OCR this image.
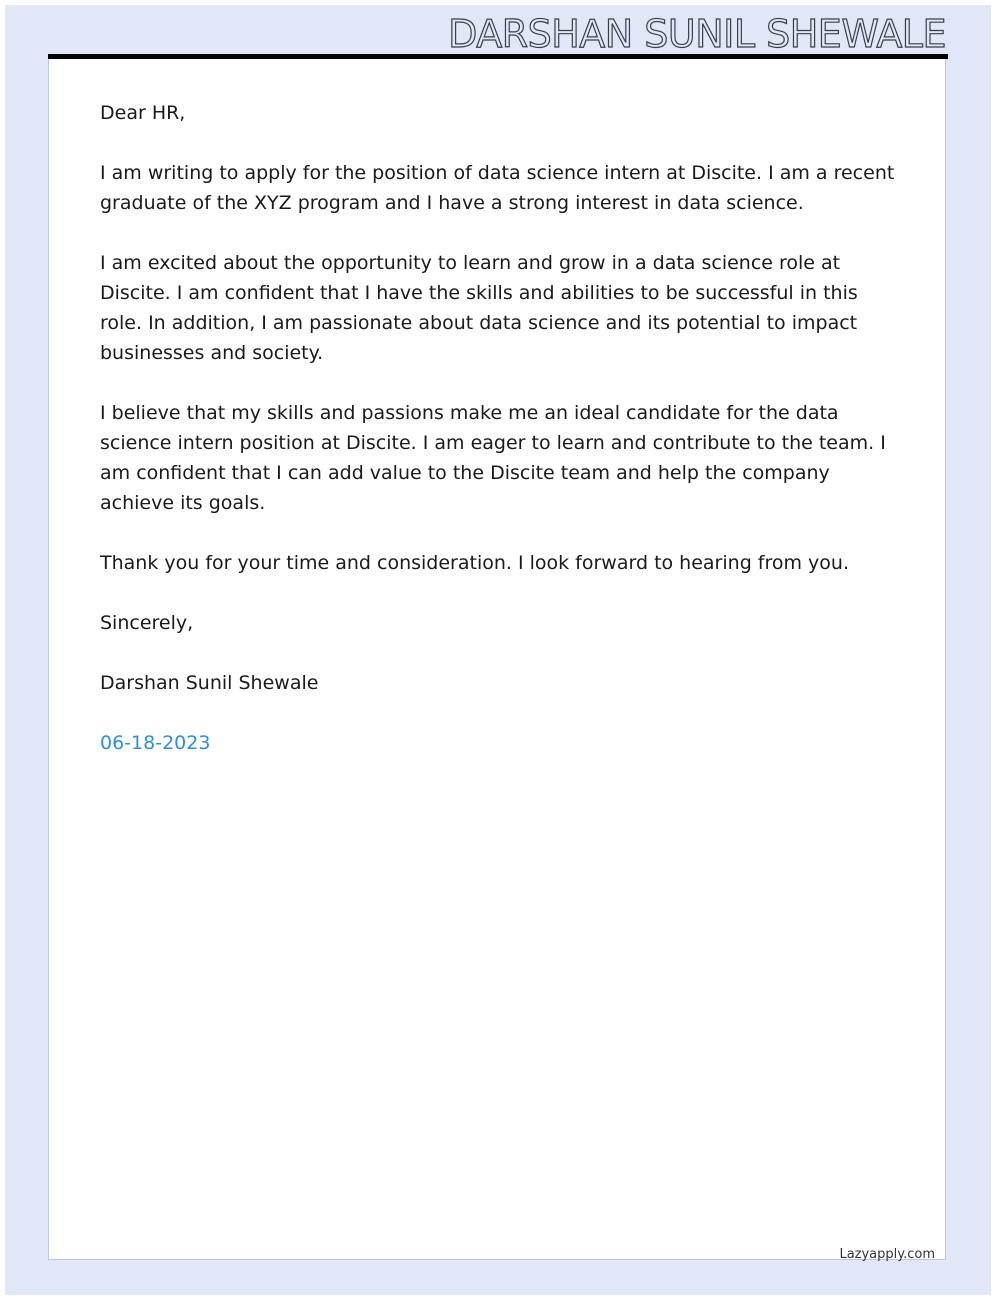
DARSHAN SUNIL SHEWALE

Dear HR,

I am writing to apply for the position of data science intern at Discite. I am a recent graduate of the XYZ program and I have a strong interest in data science.

I am excited about the opportunity to learn and grow in a data science role at Discite. I am confident that I have the skills and abilities to be successful in this role. In addition, I am passionate about data science and its potential to impact businesses and society.

I believe that my skills and passions make me an ideal candidate for the data science intern position at Discite. I am eager to learn and contribute to the team. I am confident that I can add value to the Discite team and help the company achieve its goals.

Thank you for your time and consideration. I look forward to hearing from you.

Sincerely,

Darshan Sunil Shewale

06-18-2023

Lazyapply.com
